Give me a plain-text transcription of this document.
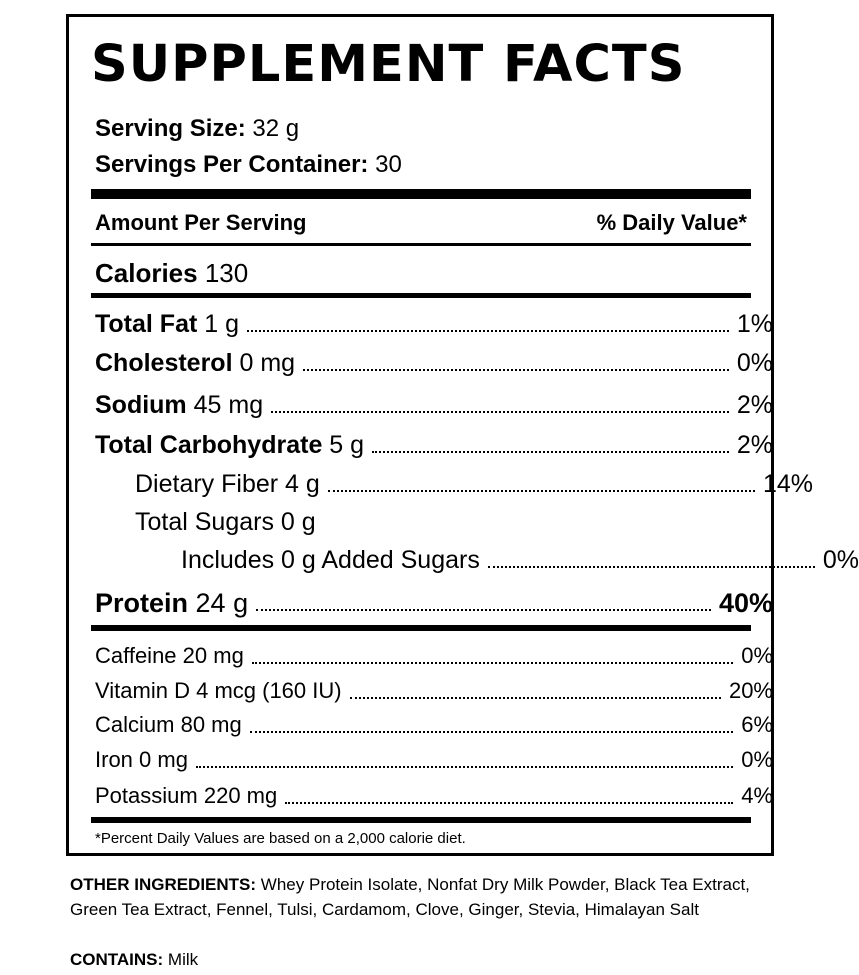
SUPPLEMENT FACTS
Serving Size: 32 g
Servings Per Container: 30
Amount Per Serving	% Daily Value*
Calories 130
Total Fat 1 g	1%
Cholesterol 0 mg	0%
Sodium 45 mg	2%
Total Carbohydrate 5 g	2%
Dietary Fiber 4 g	14%
Total Sugars 0 g
Includes 0 g Added Sugars	0%
Protein 24 g	40%
Caffeine 20 mg	0%
Vitamin D 4 mcg (160 IU)	20%
Calcium 80 mg	6%
Iron 0 mg	0%
Potassium 220 mg	4%
*Percent Daily Values are based on a 2,000 calorie diet.

OTHER INGREDIENTS: Whey Protein Isolate, Nonfat Dry Milk Powder, Black Tea Extract, Green Tea Extract, Fennel, Tulsi, Cardamom, Clove, Ginger, Stevia, Himalayan Salt

CONTAINS: Milk
